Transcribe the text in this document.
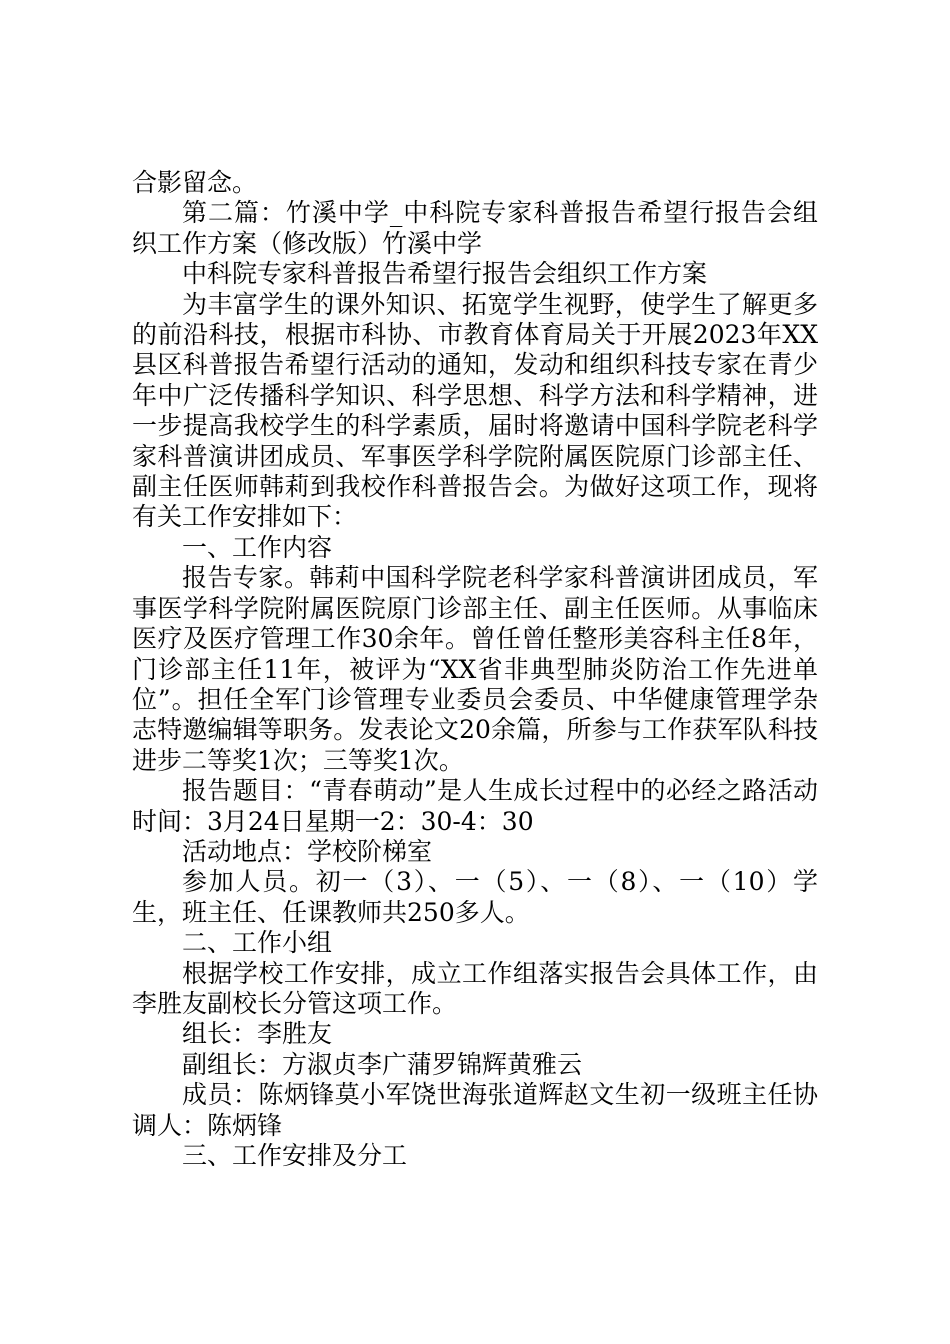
合影留念。

第二篇：竹溪中学_中科院专家科普报告希望行报告会组织工作方案（修改版）竹溪中学

中科院专家科普报告希望行报告会组织工作方案

为丰富学生的课外知识、拓宽学生视野，使学生了解更多的前沿科技，根据市科协、市教育体育局关于开展2023年XX县区科普报告希望行活动的通知，发动和组织科技专家在青少年中广泛传播科学知识、科学思想、科学方法和科学精神，进一步提高我校学生的科学素质，届时将邀请中国科学院老科学家科普演讲团成员、军事医学科学院附属医院原门诊部主任、副主任医师韩莉到我校作科普报告会。为做好这项工作，现将有关工作安排如下：

一、工作内容

报告专家。韩莉中国科学院老科学家科普演讲团成员，军事医学科学院附属医院原门诊部主任、副主任医师。从事临床医疗及医疗管理工作30余年。曾任曾任整形美容科主任8年，门诊部主任11年，被评为“XX省非典型肺炎防治工作先进单位”。担任全军门诊管理专业委员会委员、中华健康管理学杂志特邀编辑等职务。发表论文20余篇，所参与工作获军队科技进步二等奖1次；三等奖1次。

报告题目：“青春萌动”是人生成长过程中的必经之路活动时间：3月24日星期一2：30-4：30

活动地点：学校阶梯室

参加人员。初一（3）、一（5）、一（8）、一（10）学生，班主任、任课教师共250多人。

二、工作小组

根据学校工作安排，成立工作组落实报告会具体工作，由李胜友副校长分管这项工作。

组长：李胜友

副组长：方淑贞李广蒲罗锦辉黄雅云

成员：陈炳锋莫小军饶世海张道辉赵文生初一级班主任协调人：陈炳锋

三、工作安排及分工
